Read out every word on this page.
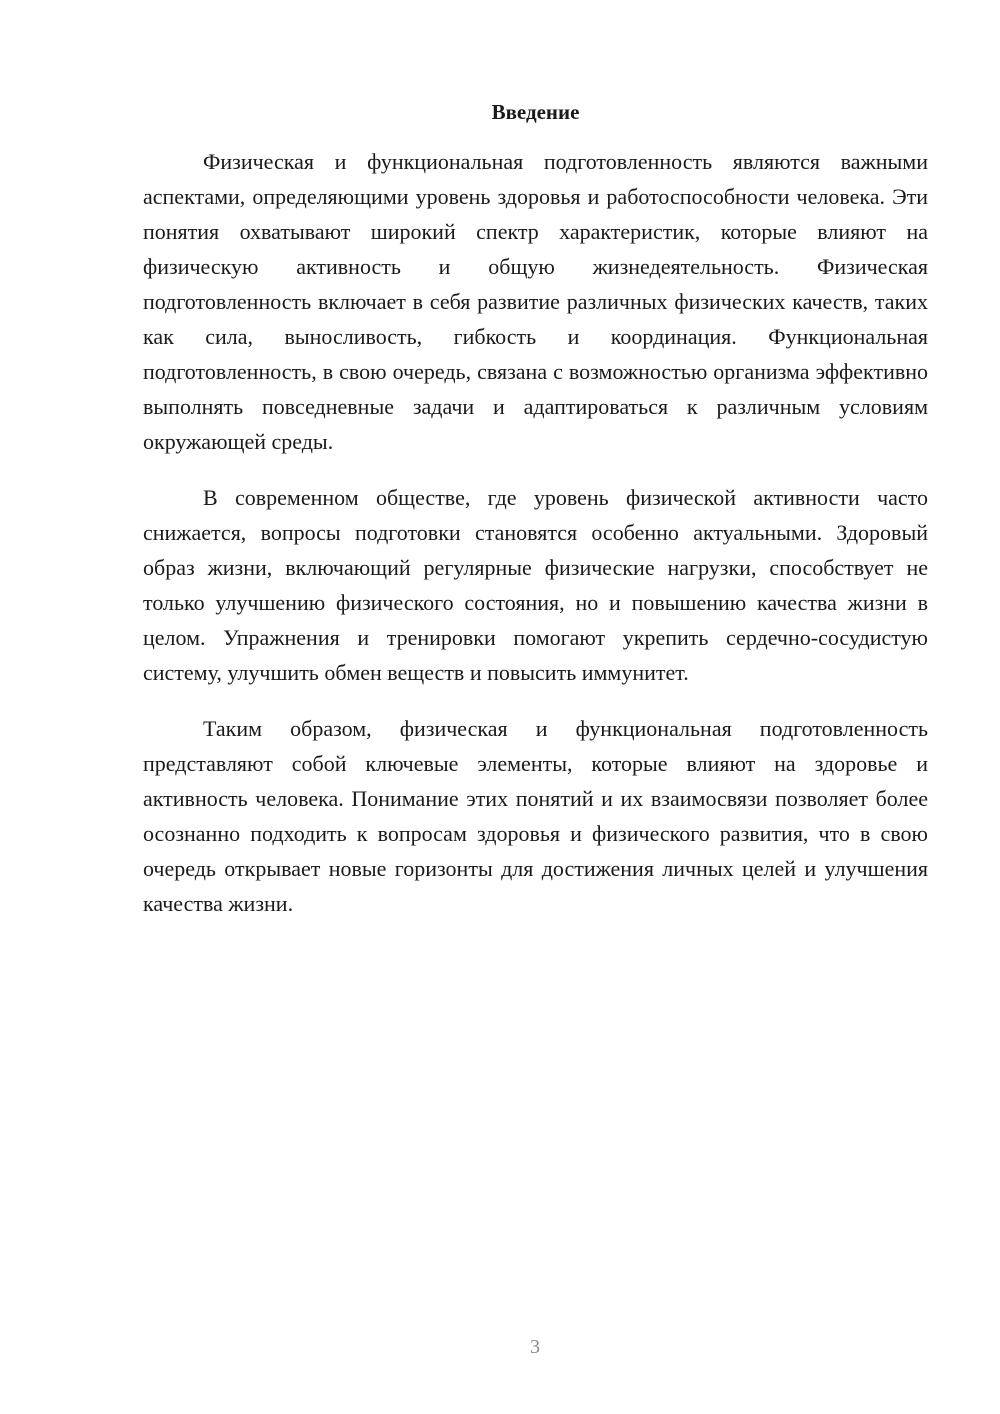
Введение

Физическая и функциональная подготовленность являются важными аспектами, определяющими уровень здоровья и работоспособности человека. Эти понятия охватывают широкий спектр характеристик, которые влияют на физическую активность и общую жизнедеятельность. Физическая подготовленность включает в себя развитие различных физических качеств, таких как сила, выносливость, гибкость и координация. Функциональная подготовленность, в свою очередь, связана с возможностью организма эффективно выполнять повседневные задачи и адаптироваться к различным условиям окружающей среды.

В современном обществе, где уровень физической активности часто снижается, вопросы подготовки становятся особенно актуальными. Здоровый образ жизни, включающий регулярные физические нагрузки, способствует не только улучшению физического состояния, но и повышению качества жизни в целом. Упражнения и тренировки помогают укрепить сердечно-сосудистую систему, улучшить обмен веществ и повысить иммунитет.

Таким образом, физическая и функциональная подготовленность представляют собой ключевые элементы, которые влияют на здоровье и активность человека. Понимание этих понятий и их взаимосвязи позволяет более осознанно подходить к вопросам здоровья и физического развития, что в свою очередь открывает новые горизонты для достижения личных целей и улучшения качества жизни.

3
